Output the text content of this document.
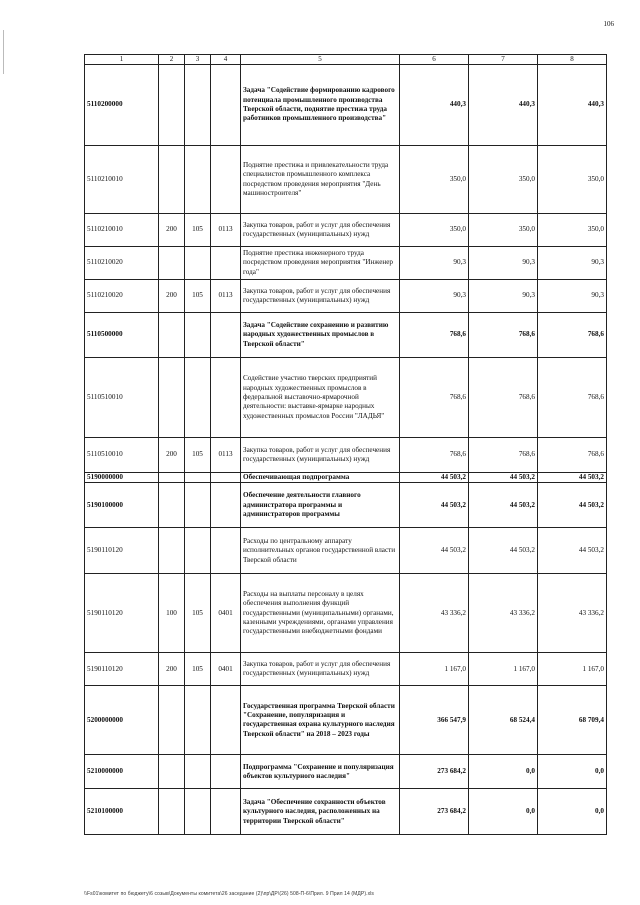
106
1	2	3	4	5	6	7	8
5110200000				Задача "Содействие формированию кадрового потенциала промышленного производства Тверской области, поднятие престижа труда работников промышленного производства"	440,3	440,3	440,3
5110210010				Поднятие престижа и привлекательности труда специалистов промышленного комплекса посредством проведения мероприятия "День машиностроителя"	350,0	350,0	350,0
5110210010	200	105	0113	Закупка товаров, работ и услуг для обеспечения государственных (муниципальных) нужд	350,0	350,0	350,0
5110210020				Поднятие престижа инженерного труда посредством проведения мероприятия "Инженер года"	90,3	90,3	90,3
5110210020	200	105	0113	Закупка товаров, работ и услуг для обеспечения государственных (муниципальных) нужд	90,3	90,3	90,3
5110500000				Задача "Содействие сохранению и развитию народных художественных промыслов в Тверской области"	768,6	768,6	768,6
5110510010				Содействие участию тверских предприятий народных художественных промыслов в федеральной выставочно-ярмарочной деятельности: выставке-ярмарке народных художественных промыслов России "ЛАДЬЯ"	768,6	768,6	768,6
5110510010	200	105	0113	Закупка товаров, работ и услуг для обеспечения государственных (муниципальных) нужд	768,6	768,6	768,6
5190000000				Обеспечивающая подпрограмма	44 503,2	44 503,2	44 503,2
5190100000				Обеспечение деятельности главного администратора программы и администраторов программы	44 503,2	44 503,2	44 503,2
5190110120				Расходы по центральному аппарату исполнительных органов государственной власти Тверской области	44 503,2	44 503,2	44 503,2
5190110120	100	105	0401	Расходы на выплаты персоналу в целях обеспечения выполнения функций государственными (муниципальными) органами, казенными учреждениями, органами управления государственными внебюджетными фондами	43 336,2	43 336,2	43 336,2
5190110120	200	105	0401	Закупка товаров, работ и услуг для обеспечения государственных (муниципальных) нужд	1 167,0	1 167,0	1 167,0
5200000000				Государственная программа Тверской области "Сохранение, популяризация и государственная охрана культурного наследия Тверской области" на 2018 – 2023 годы	366 547,9	68 524,4	68 709,4
5210000000				Подпрограмма "Сохранение и популяризация объектов культурного наследия"	273 684,2	0,0	0,0
5210100000				Задача "Обеспечение сохранности объектов культурного наследия, расположенных на территории Тверской области"	273 684,2	0,0	0,0
\\Fs01\комитет по бюджету\6 созыв\Документы комитета\26 заседание (2)\пр\ДР\(26) 508-П-6\Прил. 9 Прил 14 (МДР).xls
